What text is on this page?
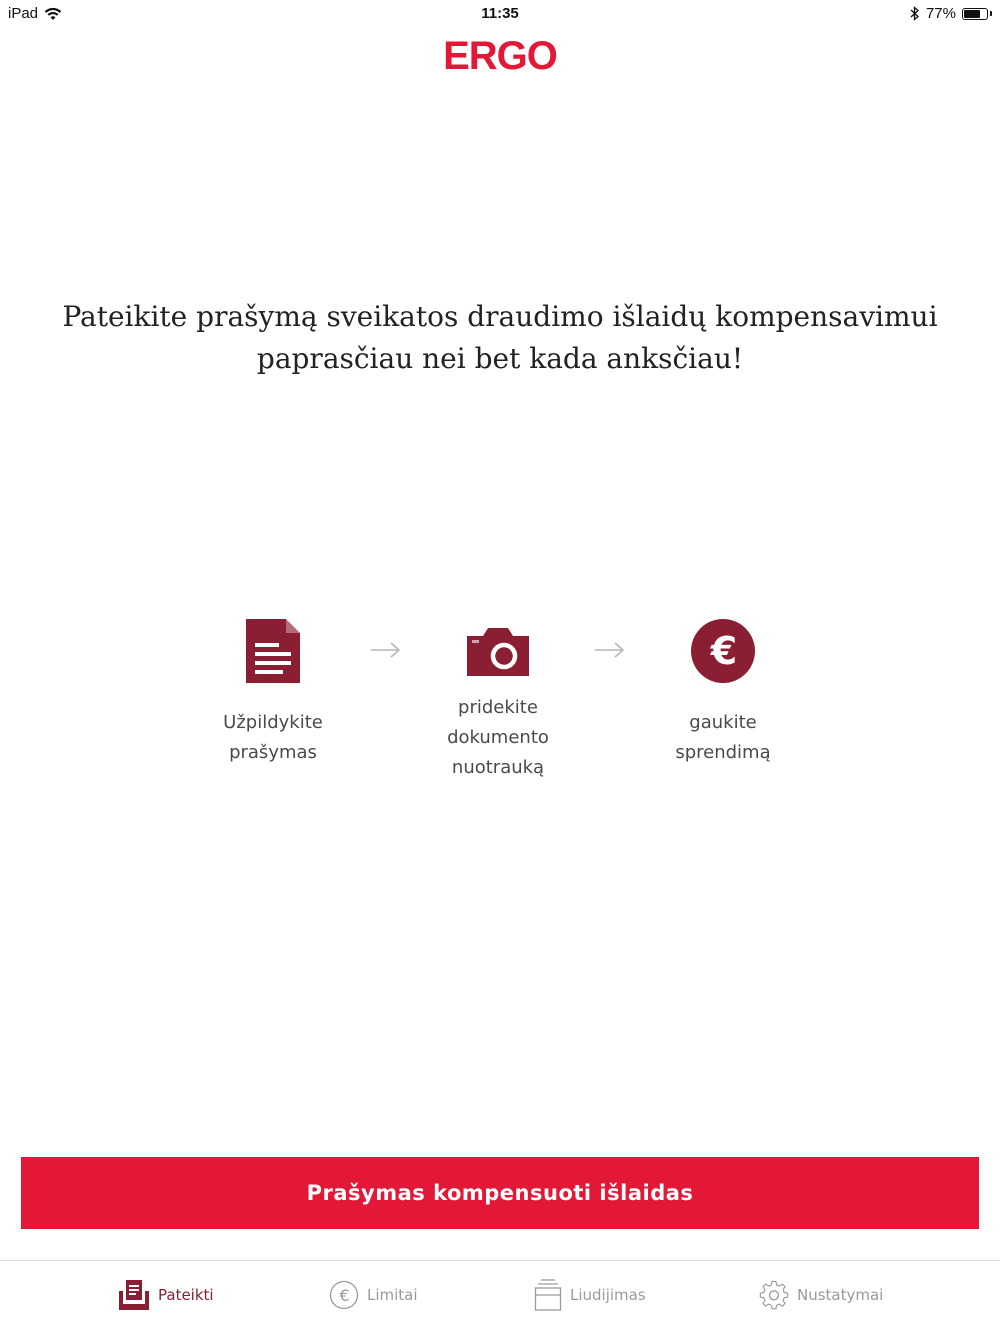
iPad	11:35	77%
ERGO
Pateikite prašymą sveikatos draudimo išlaidų kompensavimui
paprasčiau nei bet kada anksčiau!
Užpildykite
prašymas
pridekite
dokumento
nuotrauką
€
gaukite
sprendimą
Prašymas kompensuoti išlaidas
Pateikti	€ Limitai	Liudijimas	Nustatymai
